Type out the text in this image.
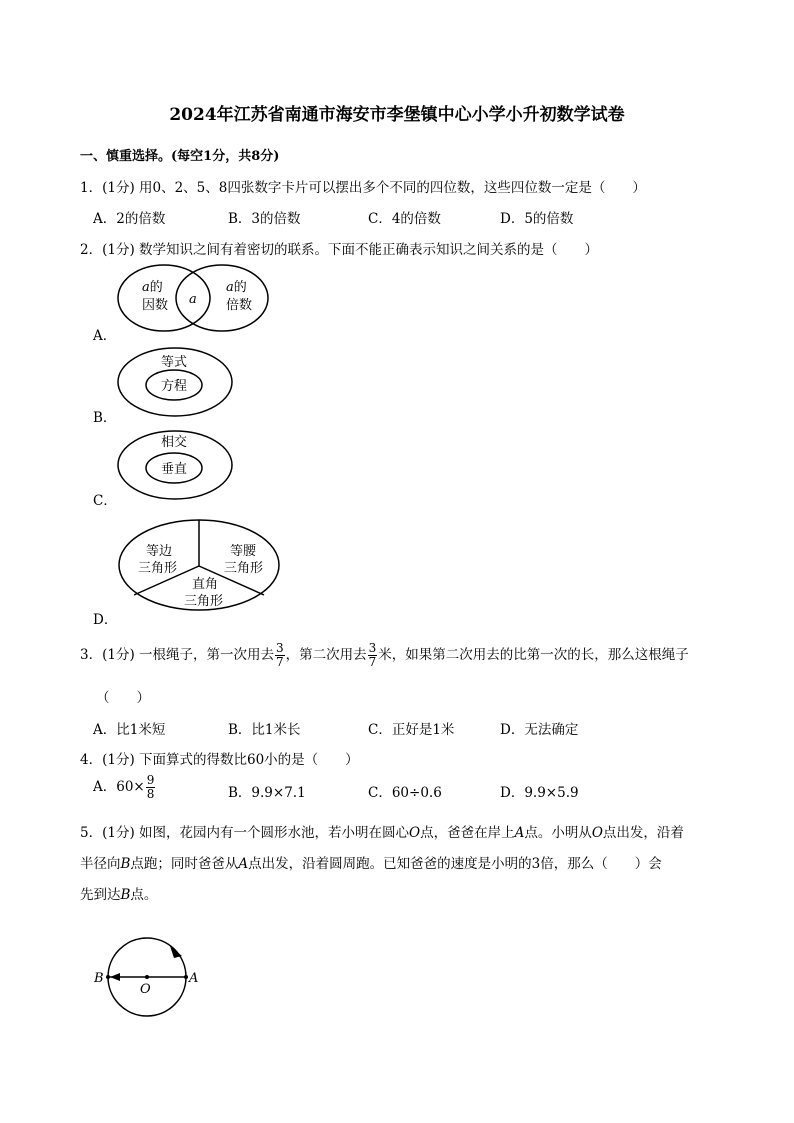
2024年江苏省南通市海安市李堡镇中心小学小升初数学试卷
一、慎重选择。(每空1分，共8分)
1．(1分) 用0、2、5、8四张数字卡片可以摆出多个不同的四位数，这些四位数一定是（　　）
A．2的倍数	B．3的倍数	C．4的倍数	D．5的倍数
2．(1分) 数学知识之间有着密切的联系。下面不能正确表示知识之间关系的是（　　）
A．
a的
因数 a
a的
倍数
B．
等式
方程
C．
相交
垂直
D．
等边
三角形
等腰
三角形
直角
三角形
3．(1分) 一根绳子，第一次用去 $\frac{3}{7}$ ，第二次用去 $\frac{3}{7}$ 米，如果第二次用去的比第一次的长，那么这根绳子
（　　）
A．比1米短	B．比1米长	C．正好是1米	D．无法确定
4．(1分) 下面算式的得数比60小的是（　　）
A．$60\times \frac{9}{8}$	B．9.9×7.1	C．60÷0.6	D．9.9×5.9
5．(1分) 如图，花园内有一个圆形水池，若小明在圆心O点，爸爸在岸上A点。小明从O点出发，沿着
半径向B点跑；同时爸爸从A点出发，沿着圆周跑。已知爸爸的速度是小明的3倍，那么（　　）会
先到达B点。
B
O
A
